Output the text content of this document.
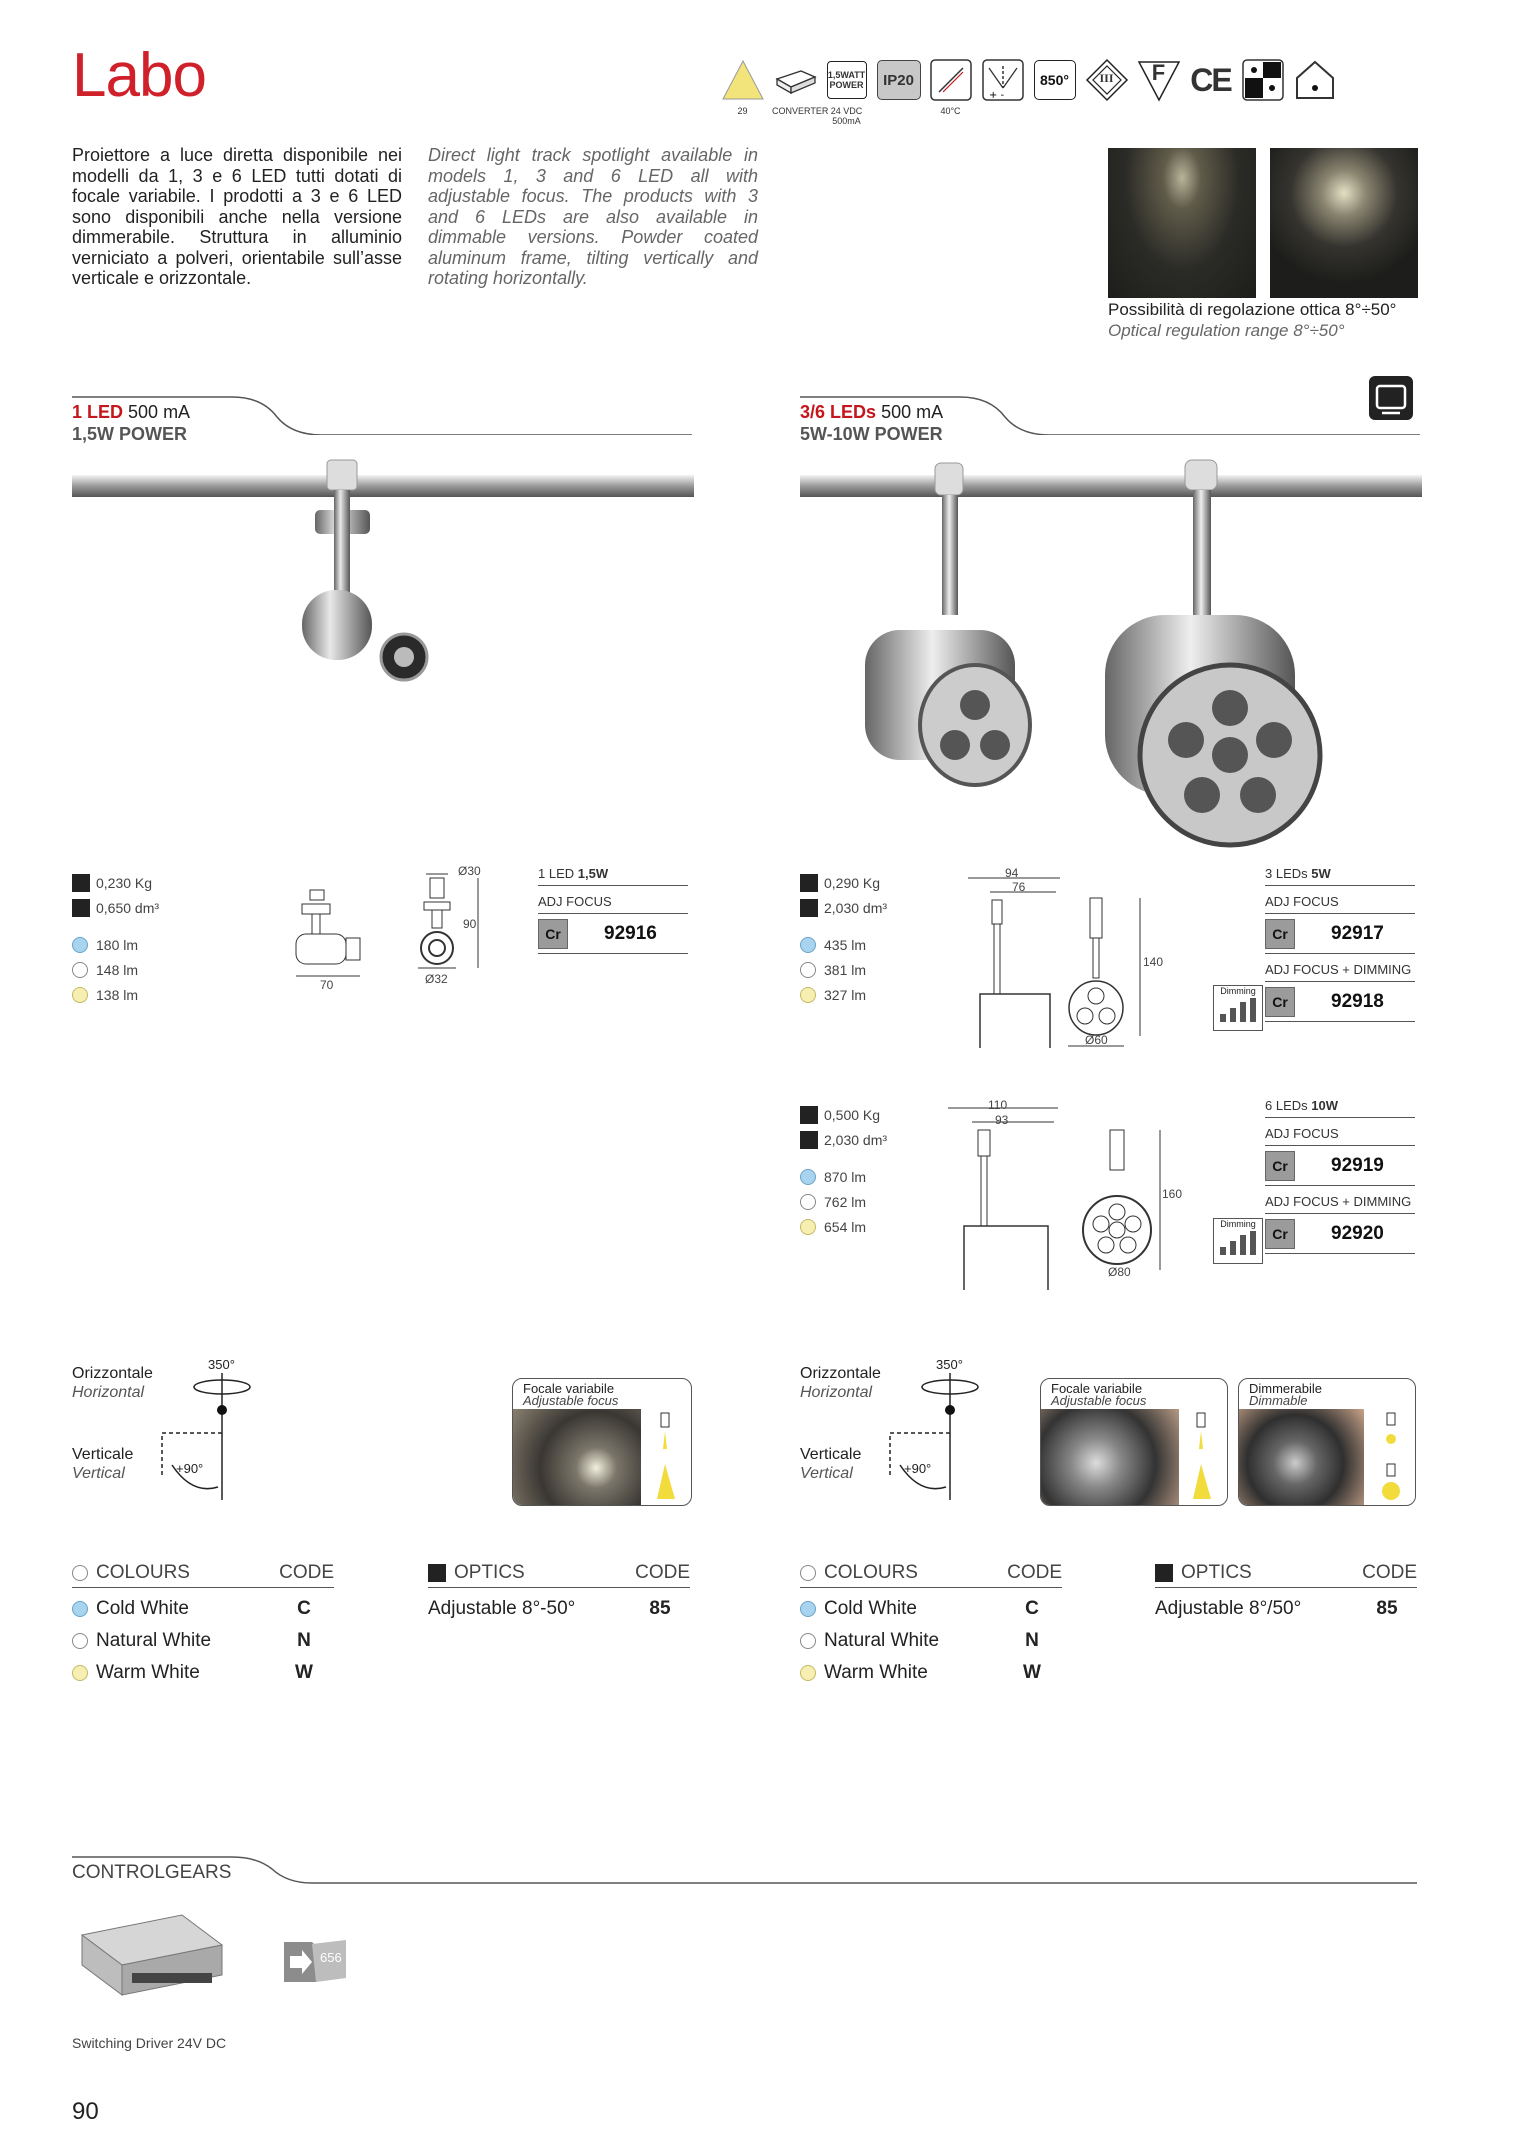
Labo
29	CONVERTER
1,5WATT POWER
24 VDC 500mA
IP20
40°C
+ -
850°	III	F CE
Proiettore a luce diretta disponibile nei modelli da 1, 3 e 6 LED tutti dotati di focale variabile. I prodotti a 3 e 6 LED sono disponibili anche nella versione dimmerabile. Struttura in alluminio verniciato a polveri, orientabile sull’asse verticale e orizzontale.
Direct light track spotlight available in models 1, 3 and 6 LED all with adjustable focus. The products with 3 and 6 LEDs are also available in dimmable versions. Powder coated aluminum frame, tilting vertically and rotating horizontally.
Possibilità di regolazione ottica 8°÷50°
Optical regulation range 8°÷50°
1 LED 500 mA
1,5W POWER
3/6 LEDs 500 mA
5W-10W POWER
0,230 Kg
0,650 dm³
180 lm
148 lm
138 lm
Ø30
90
70	Ø32
1 LED 1,5W
ADJ FOCUS
Cr	92916
0,290 Kg
2,030 dm³
435 lm
381 lm
327 lm
94
76
140
Ø60
Dimming
3 LEDs 5W
ADJ FOCUS
Cr	92917
ADJ FOCUS + DIMMING
Cr	92918
0,500 Kg
2,030 dm³
870 lm
762 lm
654 lm
110
93
160
Ø80
Dimming
6 LEDs 10W
ADJ FOCUS
Cr	92919
ADJ FOCUS + DIMMING
Cr	92920
Orizzontale
Horizontal
Verticale
Vertical
350°
+90°
Orizzontale
Horizontal
Verticale
Vertical
350°
+90°
Focale variabile
Adjustable focus
Focale variabile
Adjustable focus
Dimmerabile
Dimmable
COLOURS	CODE
Cold White	C
Natural White	N
Warm White	W
OPTICS	CODE
Adjustable 8°-50°	85
COLOURS	CODE
Cold White	C
Natural White	N
Warm White	W
OPTICS	CODE
Adjustable 8°/50°	85
CONTROLGEARS
Switching Driver 24V DC
656
90
